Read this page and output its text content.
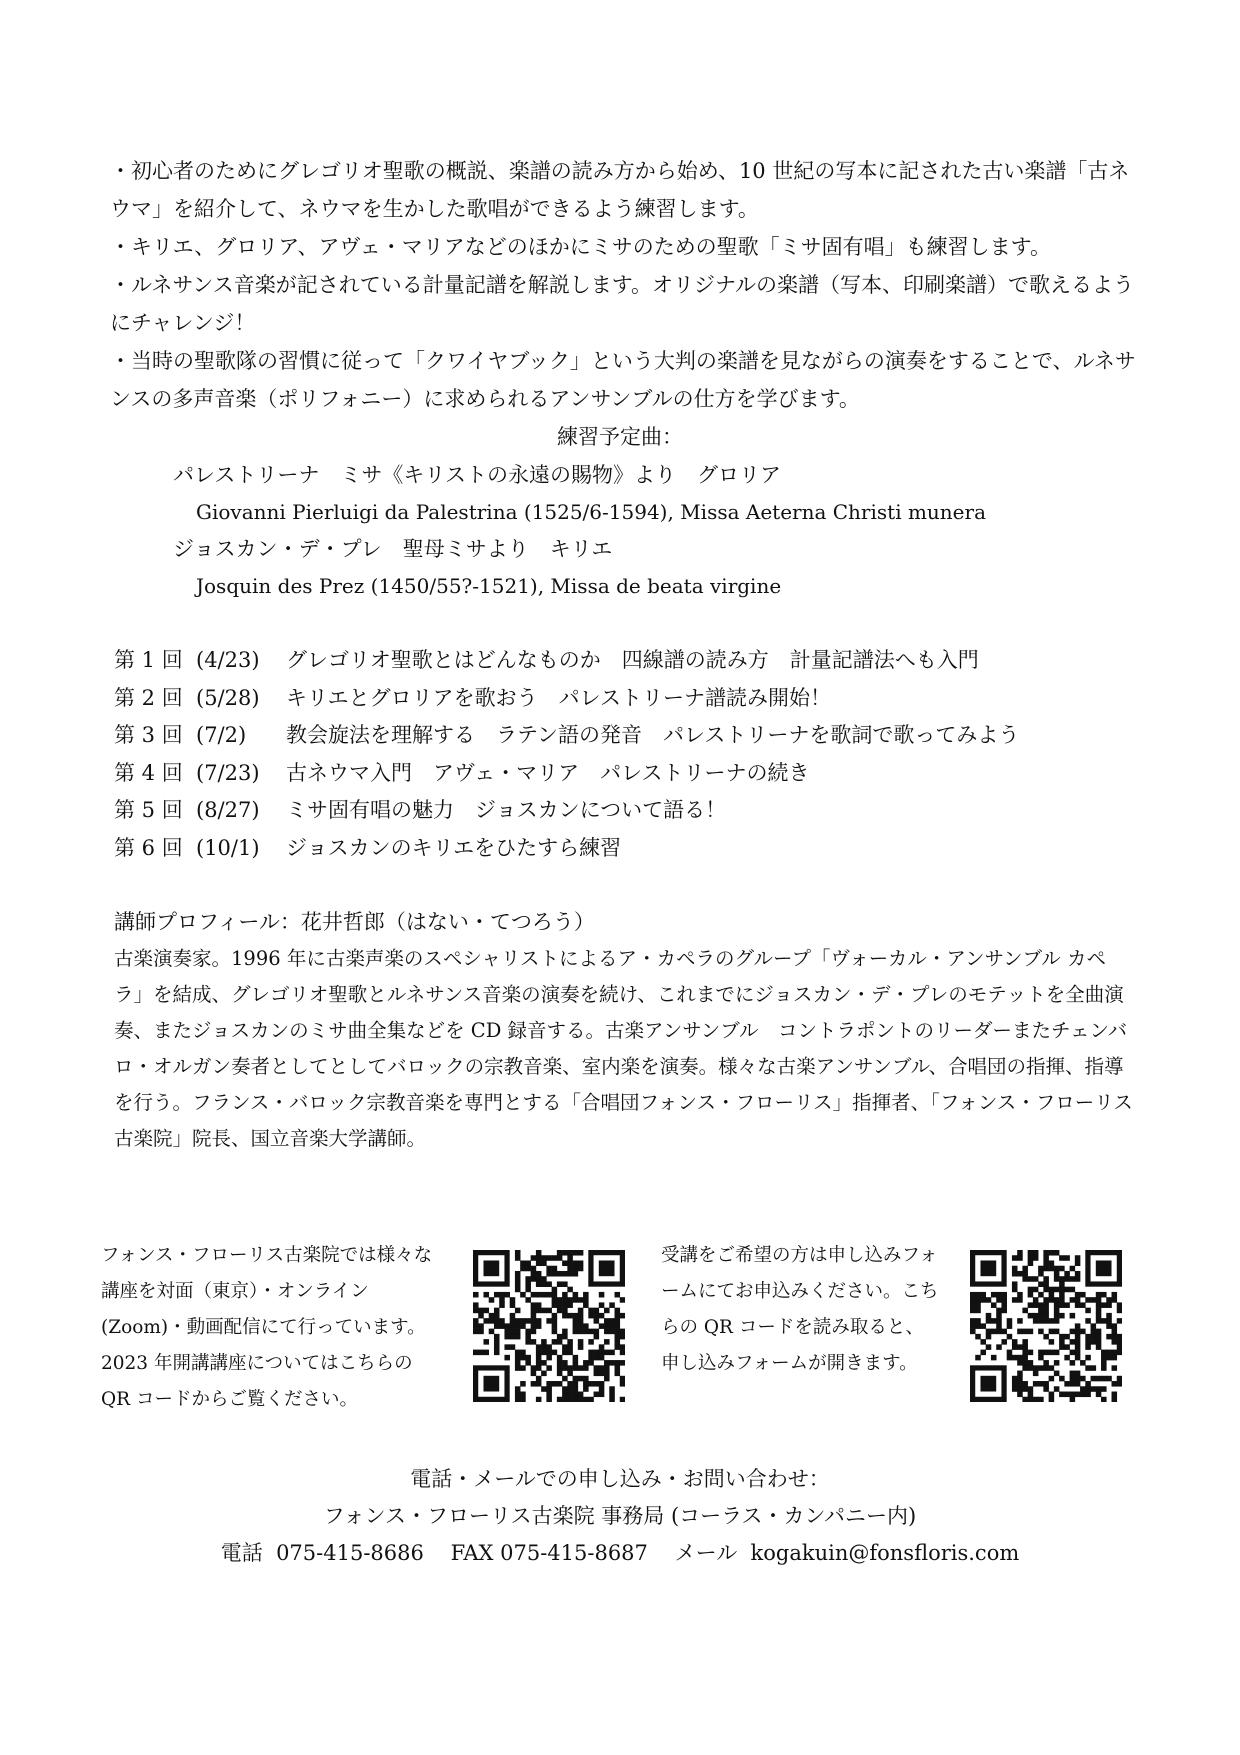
・初心者のためにグレゴリオ聖歌の概説、楽譜の読み方から始め、10 世紀の写本に記された古い楽譜「古ネウマ」を紹介して、ネウマを生かした歌唱ができるよう練習します。

・キリエ、グロリア、アヴェ・マリアなどのほかにミサのための聖歌「ミサ固有唱」も練習します。

・ルネサンス音楽が記されている計量記譜を解説します。オリジナルの楽譜（写本、印刷楽譜）で歌えるようにチャレンジ！

・当時の聖歌隊の習慣に従って「クワイヤブック」という大判の楽譜を見ながらの演奏をすることで、ルネサンスの多声音楽（ポリフォニー）に求められるアンサンブルの仕方を学びます。

練習予定曲：
パレストリーナ　ミサ《キリストの永遠の賜物》より　グロリア
Giovanni Pierluigi da Palestrina (1525/6-1594), Missa Aeterna Christi munera
ジョスカン・デ・プレ　聖母ミサより　キリエ
Josquin des Prez (1450/55?-1521), Missa de beata virgine
第 1 回 (4/23)	グレゴリオ聖歌とはどんなものか　四線譜の読み方　計量記譜法へも入門
第 2 回 (5/28)	キリエとグロリアを歌おう　パレストリーナ譜読み開始！
第 3 回 (7/2)	教会旋法を理解する　ラテン語の発音　パレストリーナを歌詞で歌ってみよう
第 4 回 (7/23)	古ネウマ入門　アヴェ・マリア　パレストリーナの続き
第 5 回 (8/27)	ミサ固有唱の魅力　ジョスカンについて語る！
第 6 回 (10/1)	ジョスカンのキリエをひたすら練習
講師プロフィール：花井哲郎（はない・てつろう）
古楽演奏家。1996 年に古楽声楽のスペシャリストによるア・カペラのグループ「ヴォーカル・アンサンブル カペラ」を結成、グレゴリオ聖歌とルネサンス音楽の演奏を続け、これまでにジョスカン・デ・プレのモテットを全曲演奏、またジョスカンのミサ曲全集などを CD 録音する。古楽アンサンブル　コントラポントのリーダーまたチェンバロ・オルガン奏者としてとしてバロックの宗教音楽、室内楽を演奏。様々な古楽アンサンブル、合唱団の指揮、指導を行う。フランス・バロック宗教音楽を専門とする「合唱団フォンス・フローリス」指揮者、「フォンス・フローリス古楽院」院長、国立音楽大学講師。
フォンス・フローリス古楽院では様々な講座を対面（東京）・オンライン (Zoom)・動画配信にて行っています。2023 年開講講座についてはこちらの QR コードからご覧ください。
受講をご希望の方は申し込みフォームにてお申込みください。こちらの QR コードを読み取ると、申し込みフォームが開きます。
電話・メールでの申し込み・お問い合わせ：
フォンス・フローリス古楽院 事務局 (コーラス・カンパニー内)
電話  075-415-8686    FAX 075-415-8687    メール  kogakuin@fonsfloris.com
